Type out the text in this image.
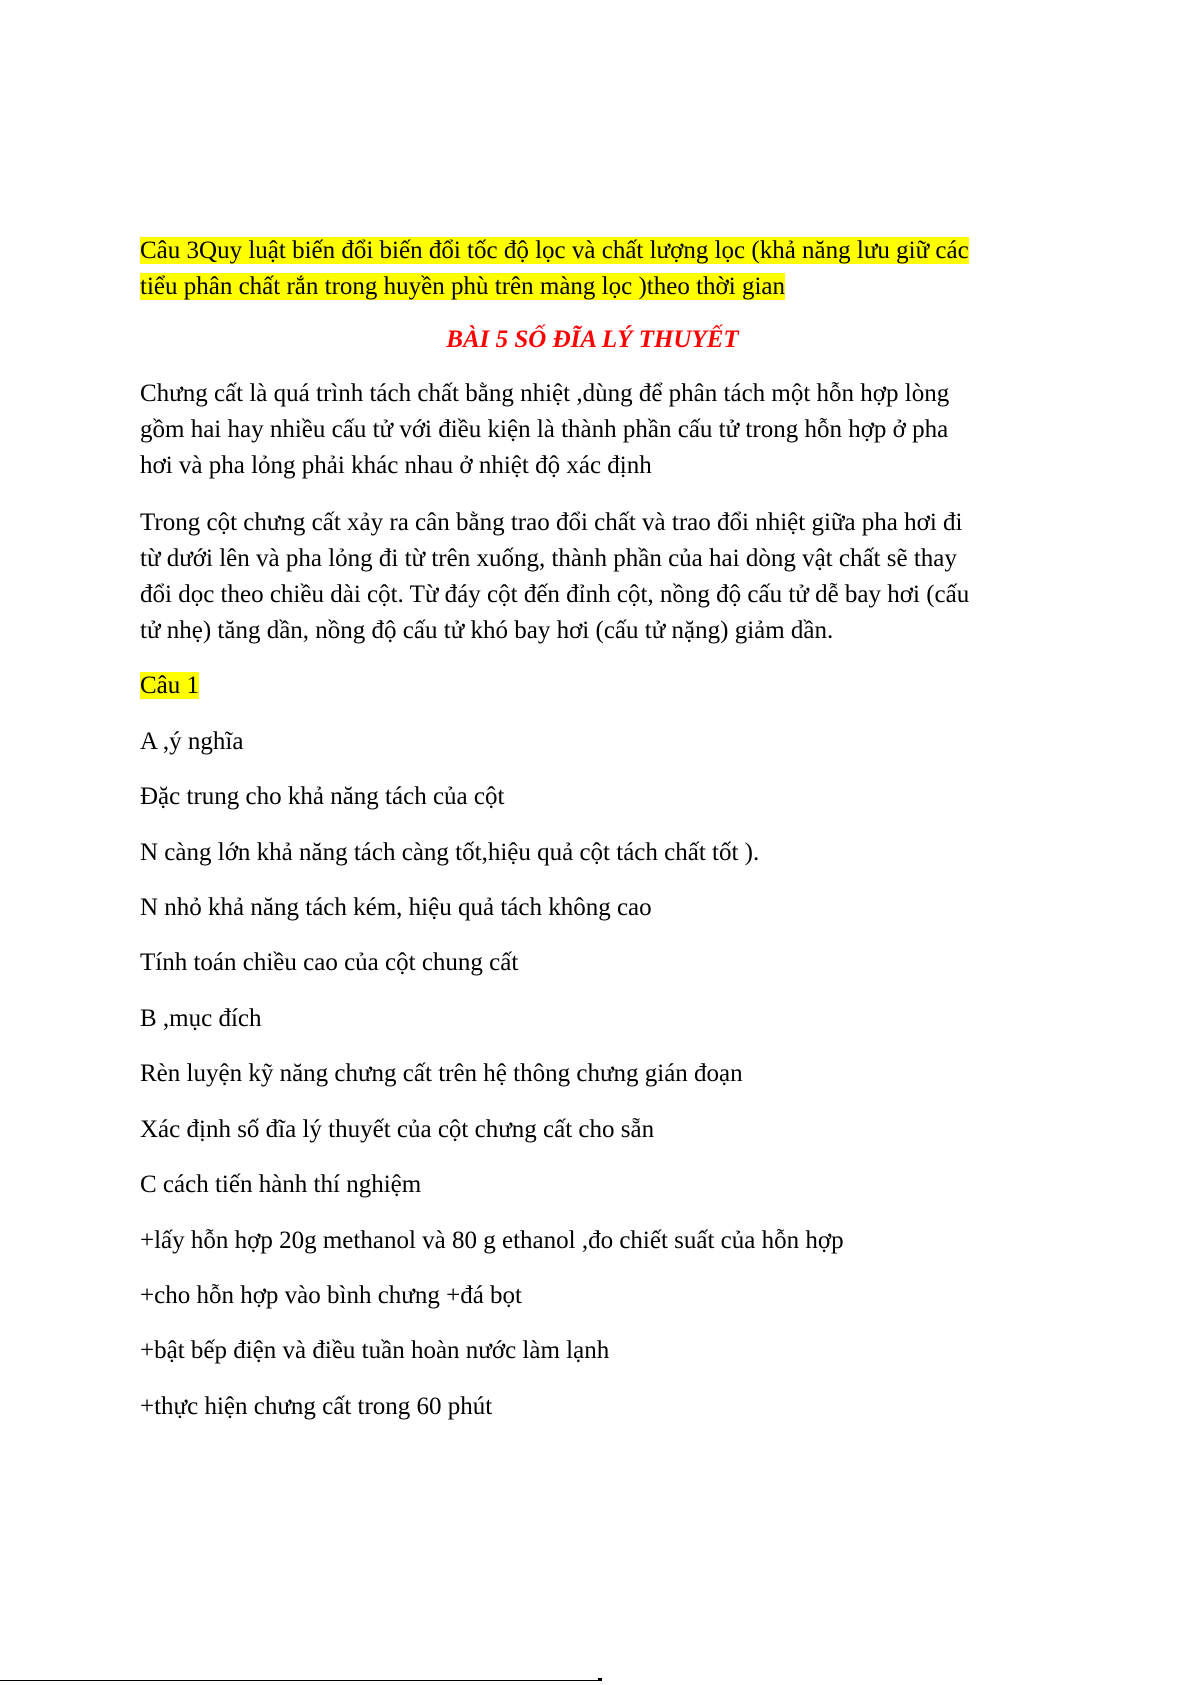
Câu 3Quy luật biến đổi biến đổi tốc độ lọc và chất lượng lọc (khả năng lưu giữ các
tiểu phân chất rắn trong huyền phù trên màng lọc )theo thời gian
BÀI 5 SỐ ĐĨA LÝ THUYẾT
Chưng cất là quá trình tách chất bằng nhiệt ,dùng để phân tách một hỗn hợp lòng
gồm hai hay nhiều cấu tử với điều kiện là thành phần cấu tử trong hỗn hợp ở pha
hơi và pha lỏng phải khác nhau ở nhiệt độ xác định
Trong cột chưng cất xảy ra cân bằng trao đổi chất và trao đổi nhiệt giữa pha hơi đi
từ dưới lên và pha lỏng đi từ trên xuống, thành phần của hai dòng vật chất sẽ thay
đổi dọc theo chiều dài cột. Từ đáy cột đến đỉnh cột, nồng độ cấu tử dễ bay hơi (cấu
tử nhẹ) tăng dần, nồng độ cấu tử khó bay hơi (cấu tử nặng) giảm dần.
Câu 1
A ,ý nghĩa
Đặc trung cho khả năng tách của cột
N càng lớn khả năng tách càng tốt,hiệu quả cột tách chất tốt ).
N nhỏ khả năng tách kém, hiệu quả tách không cao
Tính toán chiều cao của cột chung cất
B ,mục đích
Rèn luyện kỹ năng chưng cất trên hệ thông chưng gián đoạn
Xác định số đĩa lý thuyết của cột chưng cất cho sẵn
C cách tiến hành thí nghiệm
+lấy hỗn hợp 20g methanol và 80 g ethanol ,đo chiết suất của hỗn hợp
+cho hỗn hợp vào bình chưng +đá bọt
+bật bếp điện và điều tuần hoàn nước làm lạnh
+thực hiện chưng cất trong 60 phút
